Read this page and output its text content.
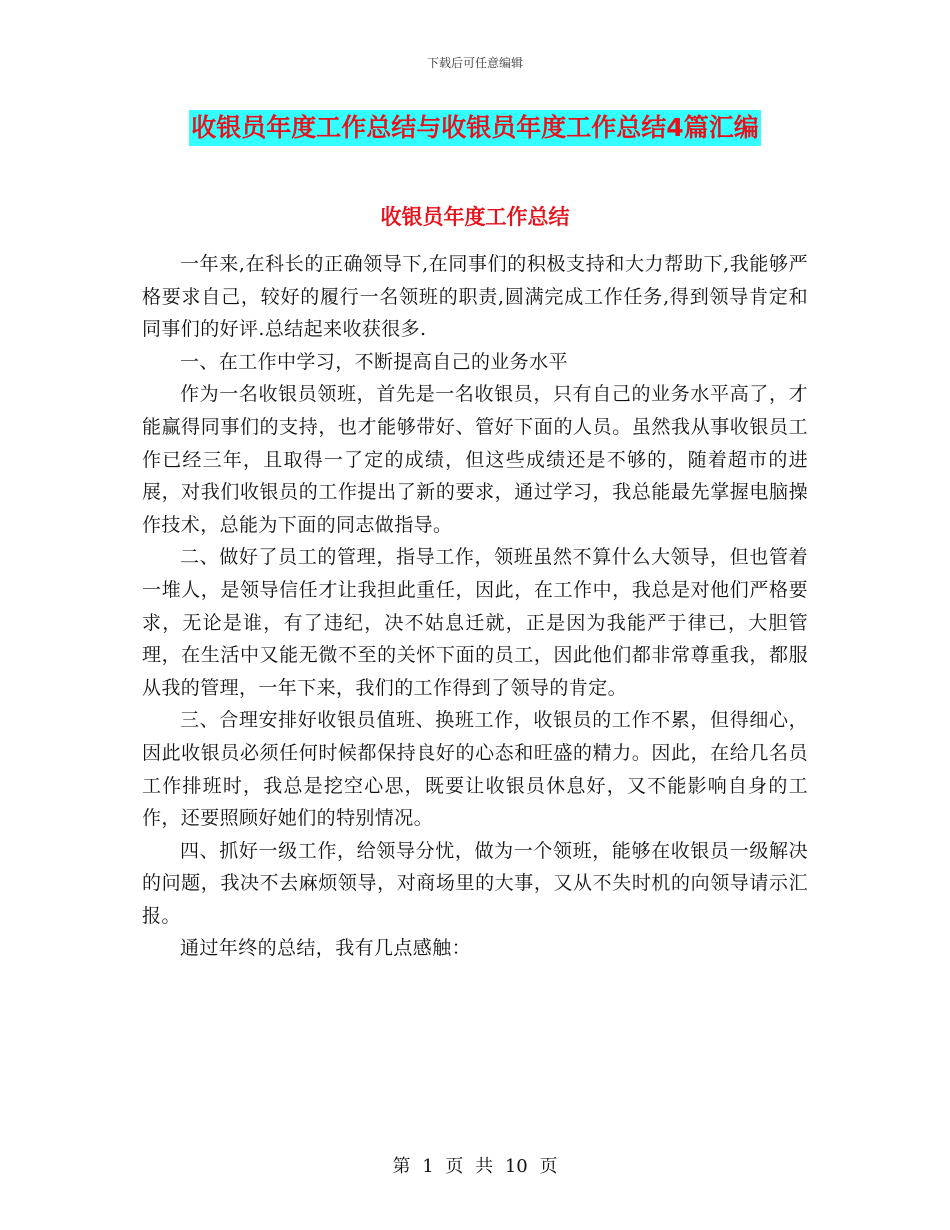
下载后可任意编辑
收银员年度工作总结与收银员年度工作总结4篇汇编
收银员年度工作总结

一年来,在科长的正确领导下,在同事们的积极支持和大力帮助下,我能够严格要求自己，较好的履行一名领班的职责,圆满完成工作任务,得到领导肯定和同事们的好评.总结起来收获很多.

一、在工作中学习，不断提高自己的业务水平

作为一名收银员领班，首先是一名收银员，只有自己的业务水平高了，才能赢得同事们的支持，也才能够带好、管好下面的人员。虽然我从事收银员工作已经三年，且取得一了定的成绩，但这些成绩还是不够的，随着超市的进展，对我们收银员的工作提出了新的要求，通过学习，我总能最先掌握电脑操作技术，总能为下面的同志做指导。

二、做好了员工的管理，指导工作，领班虽然不算什么大领导，但也管着一堆人，是领导信任才让我担此重任，因此，在工作中，我总是对他们严格要求，无论是谁，有了违纪，决不姑息迁就，正是因为我能严于律已，大胆管理，在生活中又能无微不至的关怀下面的员工，因此他们都非常尊重我，都服从我的管理，一年下来，我们的工作得到了领导的肯定。

三、合理安排好收银员值班、换班工作，收银员的工作不累，但得细心，因此收银员必须任何时候都保持良好的心态和旺盛的精力。因此，在给几名员工作排班时，我总是挖空心思，既要让收银员休息好，又不能影响自身的工作，还要照顾好她们的特别情况。

四、抓好一级工作，给领导分忧，做为一个领班，能够在收银员一级解决的问题，我决不去麻烦领导，对商场里的大事，又从不失时机的向领导请示汇报。

通过年终的总结，我有几点感触：

第 1 页 共 10 页
